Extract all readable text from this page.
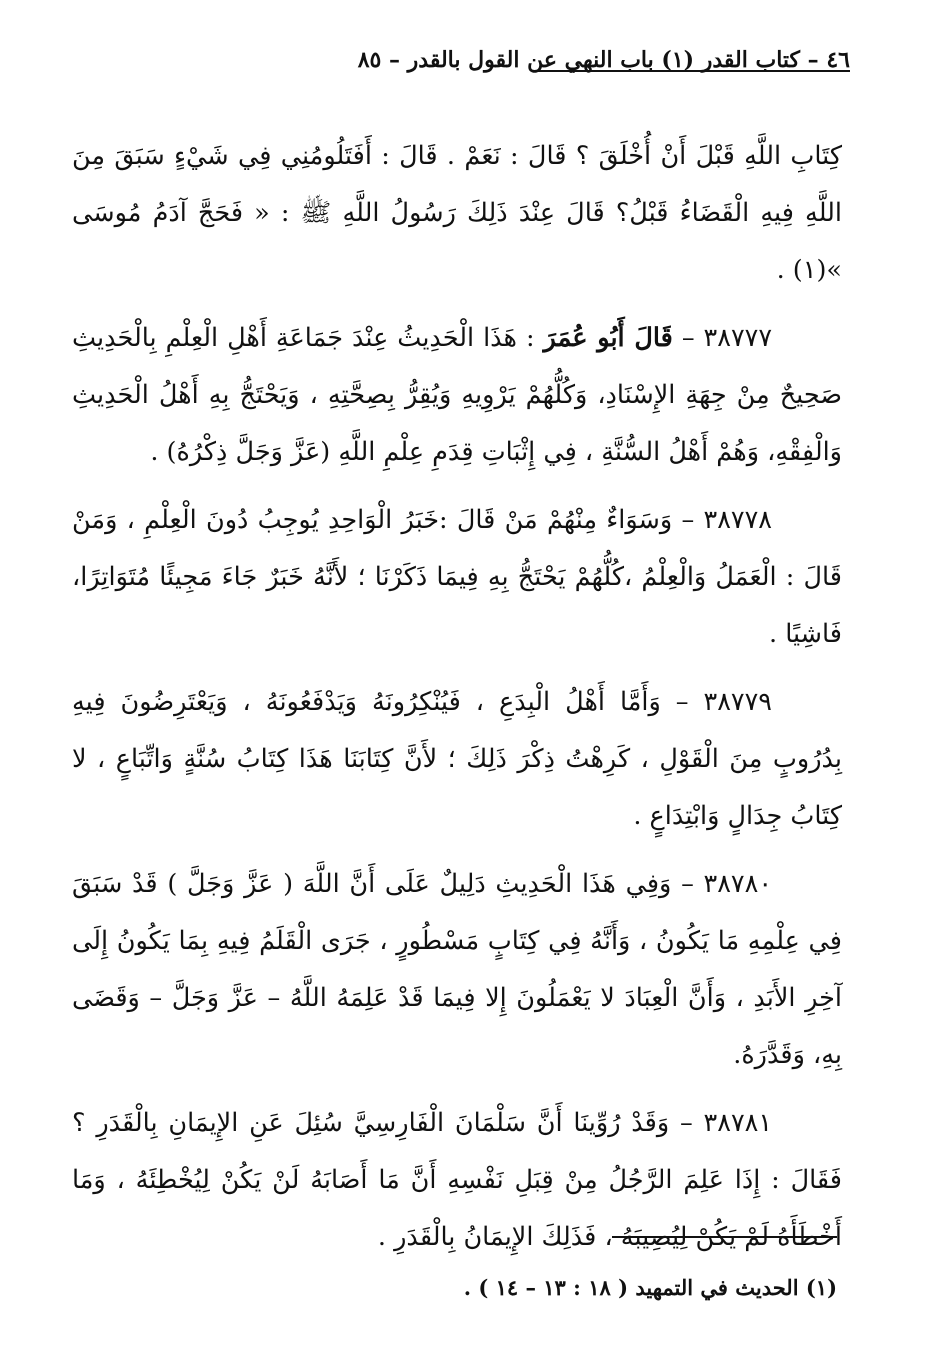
٤٦ – كتاب القدر (١) باب النهي عن القول بالقدر – ٨٥

كِتَابِ اللَّهِ قَبْلَ أَنْ أُخْلَقَ ؟ قَالَ : نَعَمْ . قَالَ : أَفَتَلُومُنِي فِي شَيْءٍ سَبَقَ مِنَ اللَّهِ فِيهِ الْقَضَاءُ قَبْلُ؟ قَالَ عِنْدَ ذَلِكَ رَسُولُ اللَّهِ ﷺ : « فَحَجَّ آدَمُ مُوسَى »(١) .

٣٨٧٧٧ – قَالَ أَبُو عُمَرَ : هَذَا الْحَدِيثُ عِنْدَ جَمَاعَةِ أَهْلِ الْعِلْمِ بِالْحَدِيثِ صَحِيحٌ مِنْ جِهَةِ الإِسْنَادِ، وَكُلُّهُمْ يَرْوِيهِ وَيُقِرُّ بِصِحَّتِهِ ، وَيَحْتَجُّ بِهِ أَهْلُ الْحَدِيثِ وَالْفِقْهِ، وَهُمْ أَهْلُ السُّنَّةِ ، فِي إِثْبَاتِ قِدَمِ عِلْمِ اللَّهِ (عَزَّ وَجَلَّ ذِكْرُهُ) .

٣٨٧٧٨ – وَسَوَاءٌ مِنْهُمْ مَنْ قَالَ :خَبَرُ الْوَاحِدِ يُوجِبُ دُونَ الْعِلْمِ ، وَمَنْ قَالَ : الْعَمَلُ وَالْعِلْمُ ،كُلُّهُمْ يَحْتَجُّ بِهِ فِيمَا ذَكَرْنَا ؛ لأَنَّهُ خَبَرٌ جَاءَ مَجِيئًا مُتَوَاتِرًا، فَاشِيًا .

٣٨٧٧٩ – وَأَمَّا أَهْلُ الْبِدَعِ ، فَيُنْكِرُونَهُ وَيَدْفَعُونَهُ ، وَيَعْتَرِضُونَ فِيهِ بِدُرُوبٍ مِنَ الْقَوْلِ ، كَرِهْتُ ذِكْرَ ذَلِكَ ؛ لأَنَّ كِتَابَنَا هَذَا كِتَابُ سُنَّةٍ وَاتِّبَاعٍ ، لا كِتَابُ جِدَالٍ وَابْتِدَاعٍ .

٣٨٧٨٠ – وَفِي هَذَا الْحَدِيثِ دَلِيلٌ عَلَى أَنَّ اللَّهَ ( عَزَّ وَجَلَّ ) قَدْ سَبَقَ فِي عِلْمِهِ مَا يَكُونُ ، وَأَنَّهُ فِي كِتَابٍ مَسْطُورٍ ، جَرَى الْقَلَمُ فِيهِ بِمَا يَكُونُ إِلَى آخِرِ الأَبَدِ ، وَأَنَّ الْعِبَادَ لا يَعْمَلُونَ إِلا فِيمَا قَدْ عَلِمَهُ اللَّهُ – عَزَّ وَجَلَّ – وَقَضَى بِهِ، وَقَدَّرَهُ.

٣٨٧٨١ – وَقَدْ رُوِّينَا أَنَّ سَلْمَانَ الْفَارِسِيَّ سُئِلَ عَنِ الإِيمَانِ بِالْقَدَرِ ؟ فَقَالَ : إِذَا عَلِمَ الرَّجُلُ مِنْ قِبَلِ نَفْسِهِ أَنَّ مَا أَصَابَهُ لَنْ يَكُنْ لِيُخْطِئَهُ ، وَمَا أَخْطَأَهُ لَمْ يَكُنْ لِيُصِيبَهُ ، فَذَلِكَ الإِيمَانُ بِالْقَدَرِ .

(١) الحديث في التمهيد ( ١٨ : ١٣ – ١٤ ) .
